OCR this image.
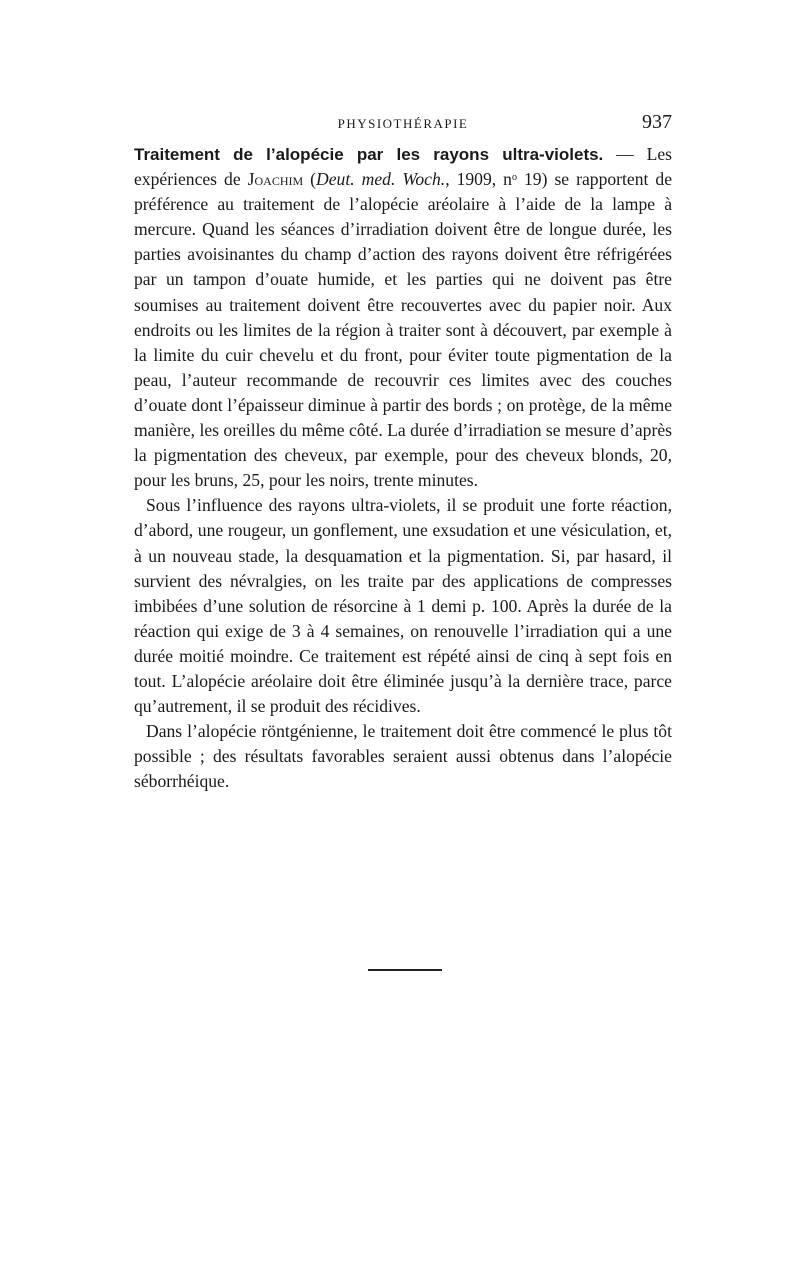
PHYSIOTHÉRAPIE	937

Traitement de l’alopécie par les rayons ultra-violets. — Les expériences de Joachim (Deut. med. Woch., 1909, $n^o$ 19) se rapportent de préférence au traitement de l’alopécie aréolaire à l’aide de la lampe à mercure. Quand les séances d’irradiation doivent être de longue durée, les parties avoisinantes du champ d’action des rayons doivent être réfrigérées par un tampon d’ouate humide, et les parties qui ne doivent pas être soumises au traitement doivent être recouvertes avec du papier noir. Aux endroits ou les limites de la région à traiter sont à découvert, par exemple à la limite du cuir chevelu et du front, pour éviter toute pigmentation de la peau, l’auteur recommande de recouvrir ces limites avec des couches d’ouate dont l’épaisseur diminue à partir des bords ; on protège, de la même manière, les oreilles du même côté. La durée d’irradiation se mesure d’après la pigmentation des cheveux, par exemple, pour des cheveux blonds, 20, pour les bruns, 25, pour les noirs, trente minutes.

Sous l’influence des rayons ultra-violets, il se produit une forte réaction, d’abord, une rougeur, un gonflement, une exsudation et une vésiculation, et, à un nouveau stade, la desquamation et la pigmentation. Si, par hasard, il survient des névralgies, on les traite par des applications de compresses imbibées d’une solution de résorcine à 1 demi p. 100. Après la durée de la réaction qui exige de 3 à 4 semaines, on renouvelle l’irradiation qui a une durée moitié moindre. Ce traitement est répété ainsi de cinq à sept fois en tout. L’alopécie aréolaire doit être éliminée jusqu’à la dernière trace, parce qu’autrement, il se produit des récidives.

Dans l’alopécie röntgénienne, le traitement doit être commencé le plus tôt possible ; des résultats favorables seraient aussi obtenus dans l’alopécie séborrhéique.
